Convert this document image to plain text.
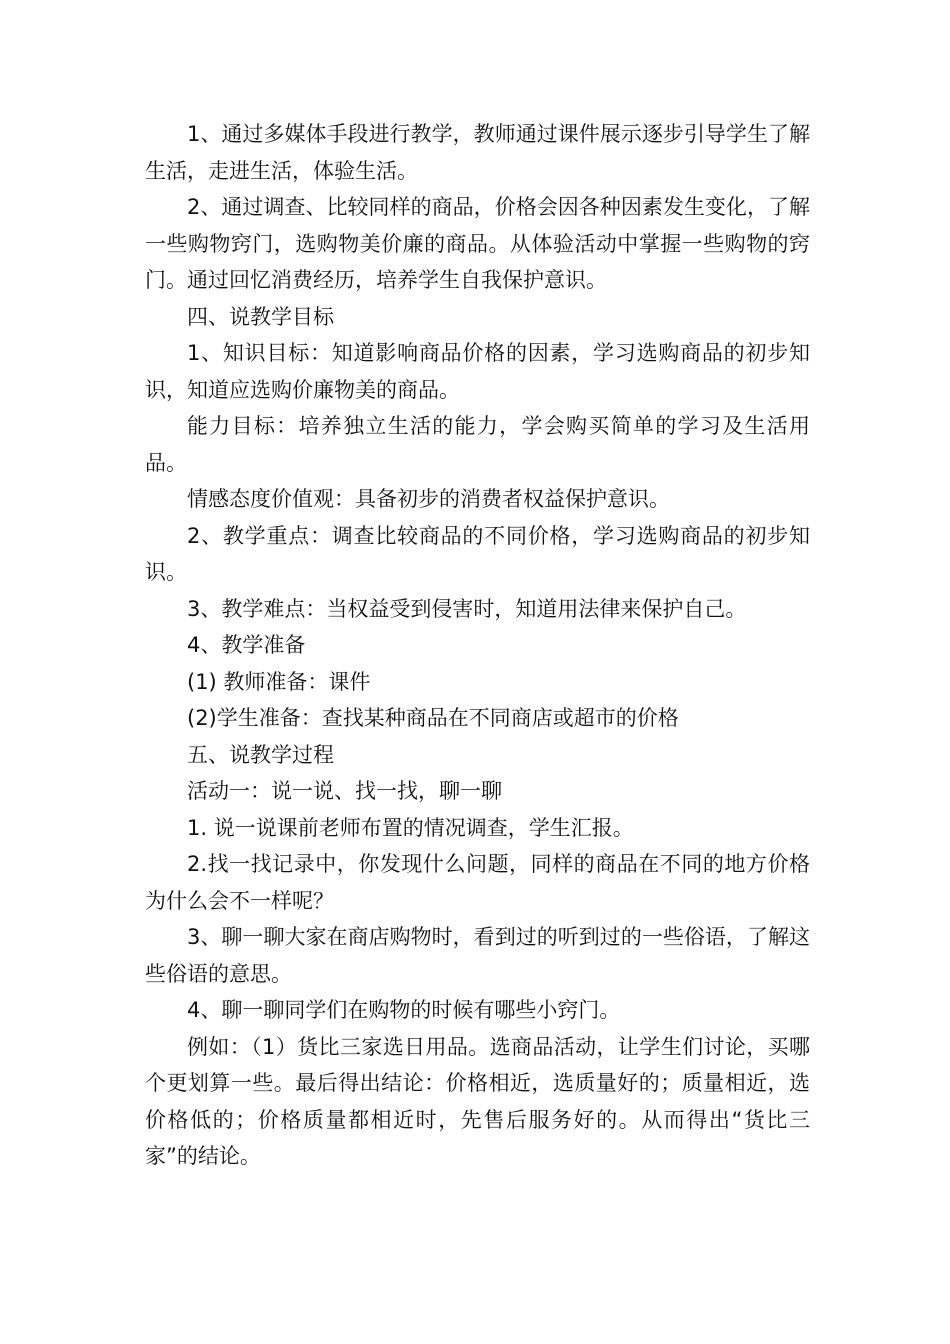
1、通过多媒体手段进行教学，教师通过课件展示逐步引导学生了解生活，走进生活，体验生活。

2、通过调查、比较同样的商品，价格会因各种因素发生变化，了解一些购物窍门，选购物美价廉的商品。从体验活动中掌握一些购物的窍门。通过回忆消费经历，培养学生自我保护意识。

四、说教学目标

1、知识目标：知道影响商品价格的因素，学习选购商品的初步知识，知道应选购价廉物美的商品。

能力目标：培养独立生活的能力，学会购买简单的学习及生活用品。

情感态度价值观：具备初步的消费者权益保护意识。

2、教学重点：调查比较商品的不同价格，学习选购商品的初步知识。

3、教学难点：当权益受到侵害时，知道用法律来保护自己。

4、教学准备

(1) 教师准备：课件

(2)学生准备：查找某种商品在不同商店或超市的价格

五、说教学过程

活动一：说一说、找一找，聊一聊

1. 说一说课前老师布置的情况调查，学生汇报。

2.找一找记录中，你发现什么问题，同样的商品在不同的地方价格为什么会不一样呢？

3、聊一聊大家在商店购物时，看到过的听到过的一些俗语，了解这些俗语的意思。

4、聊一聊同学们在购物的时候有哪些小窍门。

例如：（1）货比三家选日用品。选商品活动，让学生们讨论，买哪个更划算一些。最后得出结论：价格相近，选质量好的；质量相近，选价格低的；价格质量都相近时，先售后服务好的。从而得出“货比三家”的结论。
